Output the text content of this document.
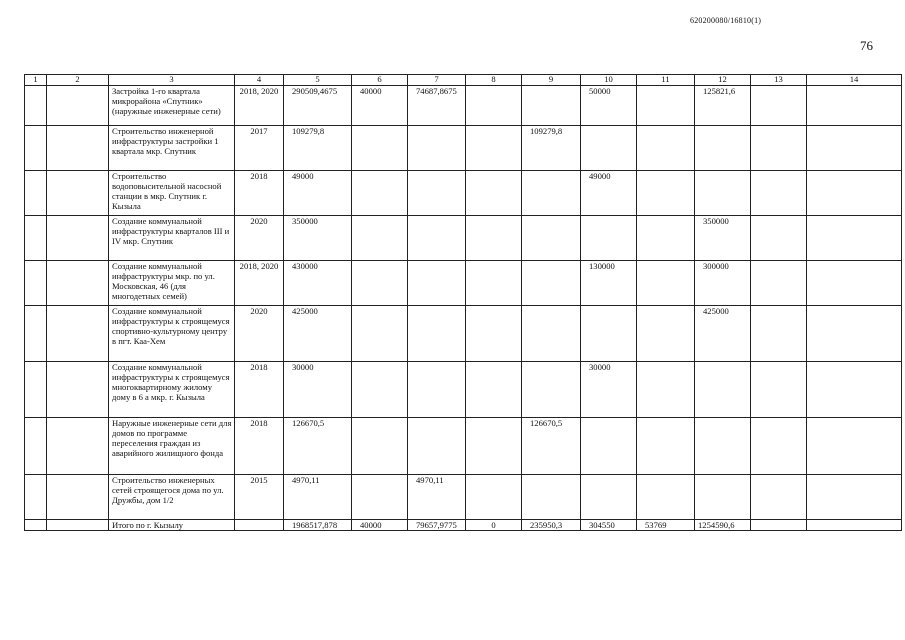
620200080/16810(1)
76
1	2	3	4	5	6	7	8	9	10	11	12	13	14
		Застройка 1-го квартала микрорайона «Спутник» (наружные инженерные сети)	2018, 2020	290509,4675	40000	74687,8675			50000		125821,6		
		Строительство инженерной инфраструктуры застройки 1 квартала мкр. Спутник	2017	109279,8				109279,8					
		Строительство водоповысительной насосной станции в мкр. Спутник г. Кызыла	2018	49000					49000				
		Создание коммунальной инфраструктуры кварталов III и IV мкр. Спутник	2020	350000							350000		
		Создание коммунальной инфраструктуры мкр. по ул. Московская, 46 (для многодетных семей)	2018, 2020	430000					130000		300000		
		Создание коммунальной инфраструктуры к строящемуся спортивно-культурному центру в пгт. Каа-Хем	2020	425000							425000		
		Создание коммунальной инфраструктуры к строящемуся многоквартирному жилому дому в 6 а мкр. г. Кызыла	2018	30000					30000				
		Наружные инженерные сети для домов по программе переселения граждан из аварийного жилищного фонда	2018	126670,5				126670,5					
		Строительство инженерных сетей строящегося дома по ул. Дружбы, дом 1/2	2015	4970,11		4970,11							
		Итого по г. Кызылу		1968517,878	40000	79657,9775	0	235950,3	304550	53769	1254590,6		
